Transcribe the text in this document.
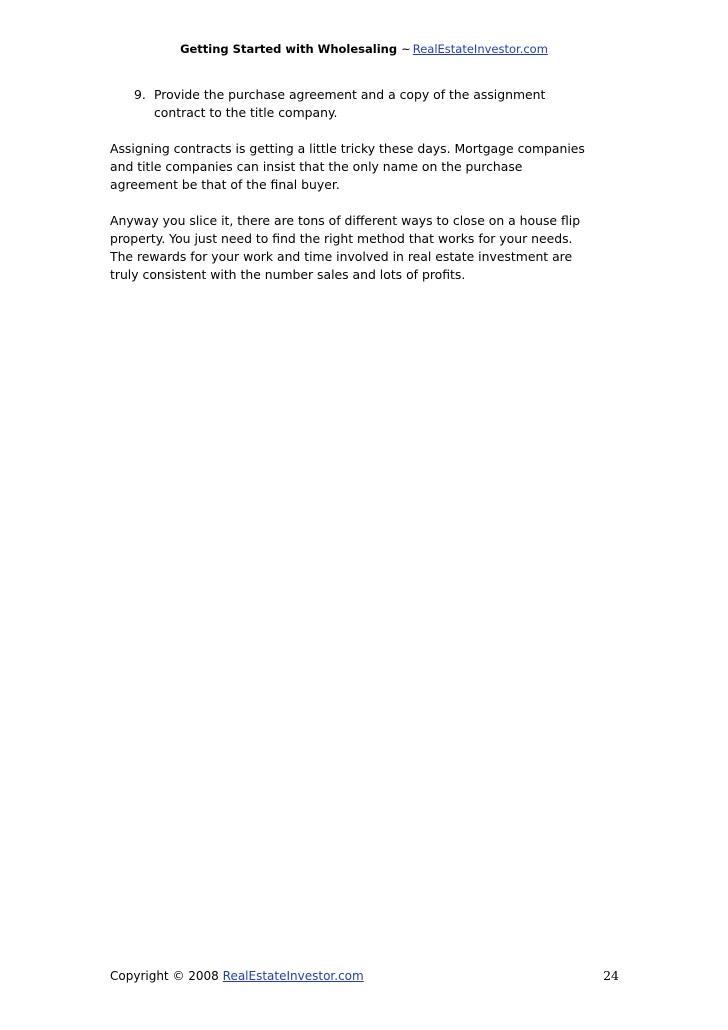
Getting Started with Wholesaling ~ RealEstateInvestor.com
9. Provide the purchase agreement and a copy of the assignment
contract to the title company.
Assigning contracts is getting a little tricky these days. Mortgage companies
and title companies can insist that the only name on the purchase
agreement be that of the final buyer.
Anyway you slice it, there are tons of different ways to close on a house flip
property. You just need to find the right method that works for your needs.
The rewards for your work and time involved in real estate investment are
truly consistent with the number sales and lots of profits.
Copyright © 2008 RealEstateInvestor.com	24
